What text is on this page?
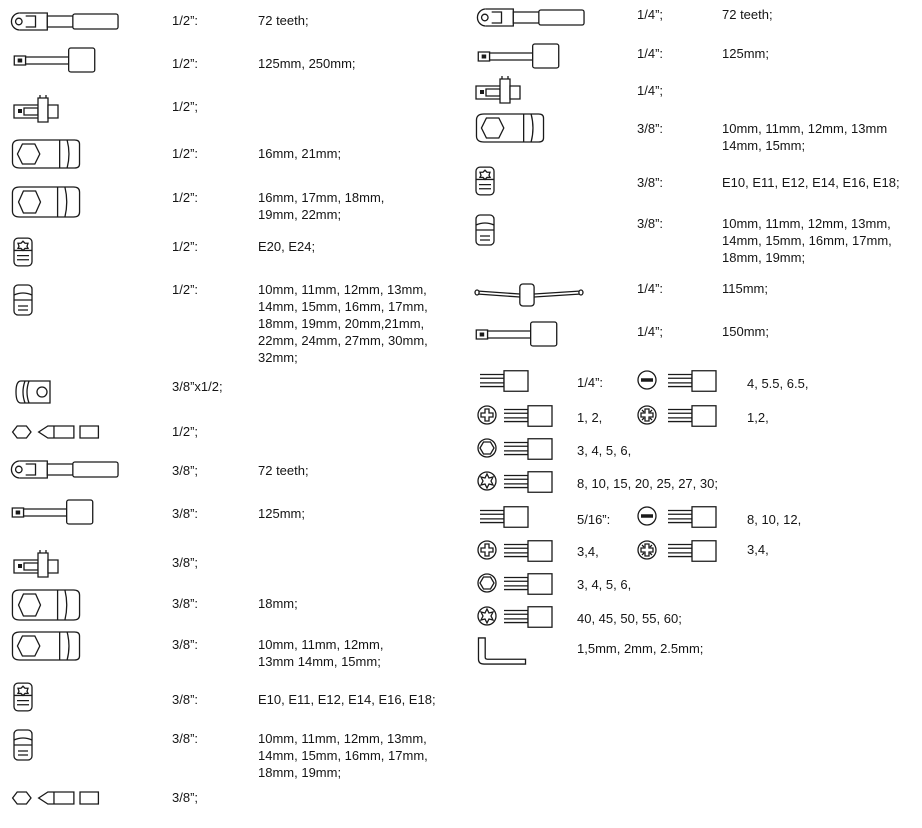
1/2”:	72 teeth;
1/2”:	125mm, 250mm;
1/2”;
1/2”:	16mm, 21mm;
1/2”:	16mm, 17mm, 18mm,
19mm, 22mm;
1/2”:	E20, E24;
1/2”:	10mm, 11mm, 12mm, 13mm,
14mm, 15mm, 16mm, 17mm,
18mm, 19mm, 20mm,21mm,
22mm, 24mm, 27mm, 30mm,
32mm;
3/8”x1/2;
1/2”;
3/8”;	72 teeth;
3/8”:	125mm;
3/8”;
3/8”:	18mm;
3/8”:	10mm, 11mm, 12mm,
13mm 14mm, 15mm;
3/8”:	E10, E11, E12, E14, E16, E18;
3/8”:	10mm, 11mm, 12mm, 13mm,
14mm, 15mm, 16mm, 17mm,
18mm, 19mm;
3/8”;
1/4”;	72 teeth;
1/4”:	125mm;
1/4”;
3/8”:	10mm, 11mm, 12mm, 13mm
14mm, 15mm;
3/8”:	E10, E11, E12, E14, E16, E18;
3/8”:	10mm, 11mm, 12mm, 13mm,
14mm, 15mm, 16mm, 17mm,
18mm, 19mm;
1/4”:	115mm;
1/4”;	150mm;
1/4”:	4, 5.5, 6.5,
1, 2,	1,2,
3, 4, 5, 6,
8, 10, 15, 20, 25, 27, 30;
5/16”:	8, 10, 12,
3,4,	3,4,
3, 4, 5, 6,
40, 45, 50, 55, 60;
1,5mm, 2mm, 2.5mm;
